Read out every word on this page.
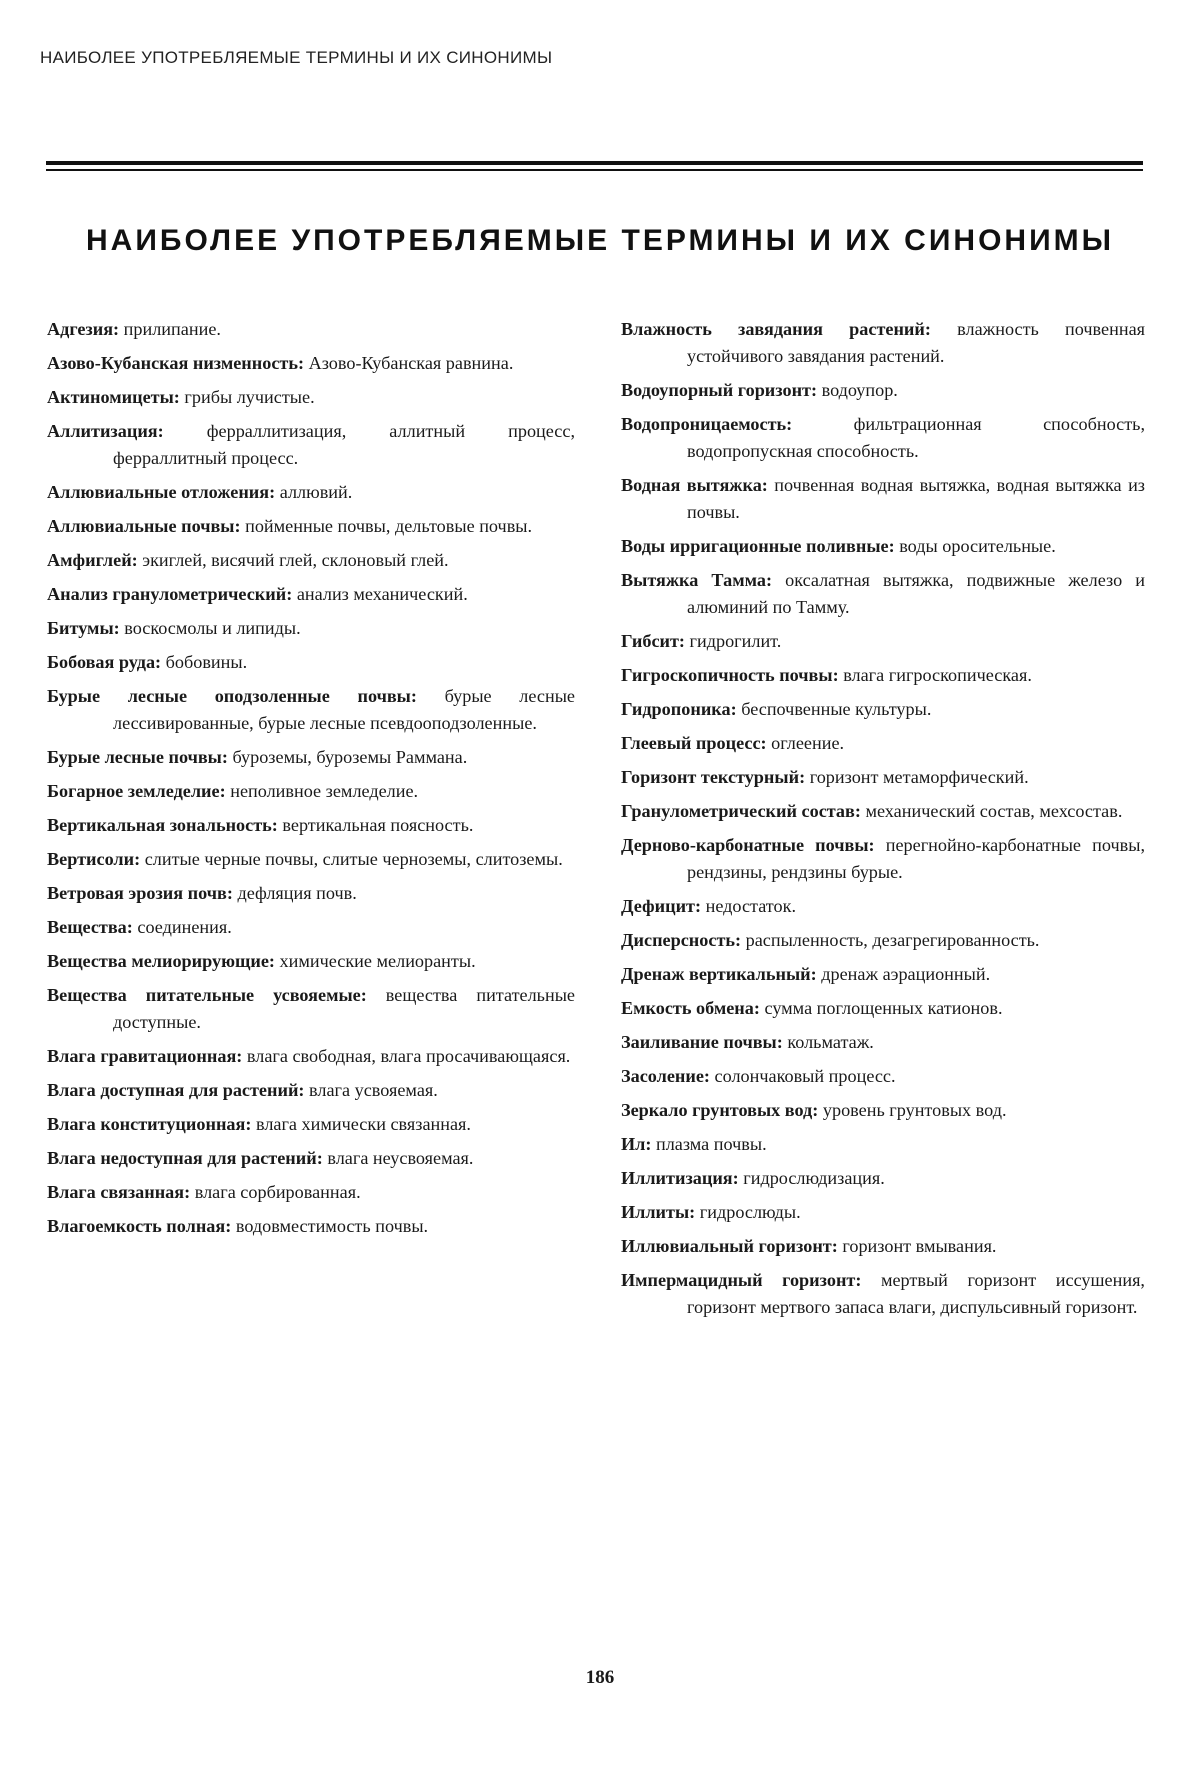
НАИБОЛЕЕ УПОТРЕБЛЯЕМЫЕ ТЕРМИНЫ И ИХ СИНОНИМЫ
НАИБОЛЕЕ УПОТРЕБЛЯЕМЫЕ ТЕРМИНЫ И ИХ СИНОНИМЫ

Адгезия: прилипание.

Азово-Кубанская низменность: Азово-Кубанская равнина.

Актиномицеты: грибы лучистые.

Аллитизация: ферраллитизация, аллитный процесс, ферраллитный процесс.

Аллювиальные отложения: аллювий.

Аллювиальные почвы: пойменные почвы, дельтовые почвы.

Амфиглей: экиглей, висячий глей, склоновый глей.

Анализ гранулометрический: анализ механический.

Битумы: воскосмолы и липиды.

Бобовая руда: бобовины.

Бурые лесные оподзоленные почвы: бурые лесные лессивированные, бурые лесные псевдооподзоленные.

Бурые лесные почвы: буроземы, буроземы Раммана.

Богарное земледелие: неполивное земледелие.

Вертикальная зональность: вертикальная поясность.

Вертисоли: слитые черные почвы, слитые черноземы, слитоземы.

Ветровая эрозия почв: дефляция почв.

Вещества: соединения.

Вещества мелиорирующие: химические мелиоранты.

Вещества питательные усвояемые: вещества питательные доступные.

Влага гравитационная: влага свободная, влага просачивающаяся.

Влага доступная для растений: влага усвояемая.

Влага конституционная: влага химически связанная.

Влага недоступная для растений: влага неусвояемая.

Влага связанная: влага сорбированная.

Влагоемкость полная: водовместимость почвы.

Влажность завядания растений: влажность почвенная устойчивого завядания растений.

Водоупорный горизонт: водоупор.

Водопроницаемость: фильтрационная способность, водопропускная способность.

Водная вытяжка: почвенная водная вытяжка, водная вытяжка из почвы.

Воды ирригационные поливные: воды оросительные.

Вытяжка Тамма: оксалатная вытяжка, подвижные железо и алюминий по Тамму.

Гибсит: гидрогилит.

Гигроскопичность почвы: влага гигроскопическая.

Гидропоника: беспочвенные культуры.

Глеевый процесс: оглеение.

Горизонт текстурный: горизонт метаморфический.

Гранулометрический состав: механический состав, мехсостав.

Дерново-карбонатные почвы: перегнойно-карбонатные почвы, рендзины, рендзины бурые.

Дефицит: недостаток.

Дисперсность: распыленность, дезагрегированность.

Дренаж вертикальный: дренаж аэрационный.

Емкость обмена: сумма поглощенных катионов.

Заиливание почвы: кольматаж.

Засоление: солончаковый процесс.

Зеркало грунтовых вод: уровень грунтовых вод.

Ил: плазма почвы.

Иллитизация: гидрослюдизация.

Иллиты: гидрослюды.

Иллювиальный горизонт: горизонт вмывания.

Импермацидный горизонт: мертвый горизонт иссушения, горизонт мертвого запаса влаги, диспульсивный горизонт.

186
